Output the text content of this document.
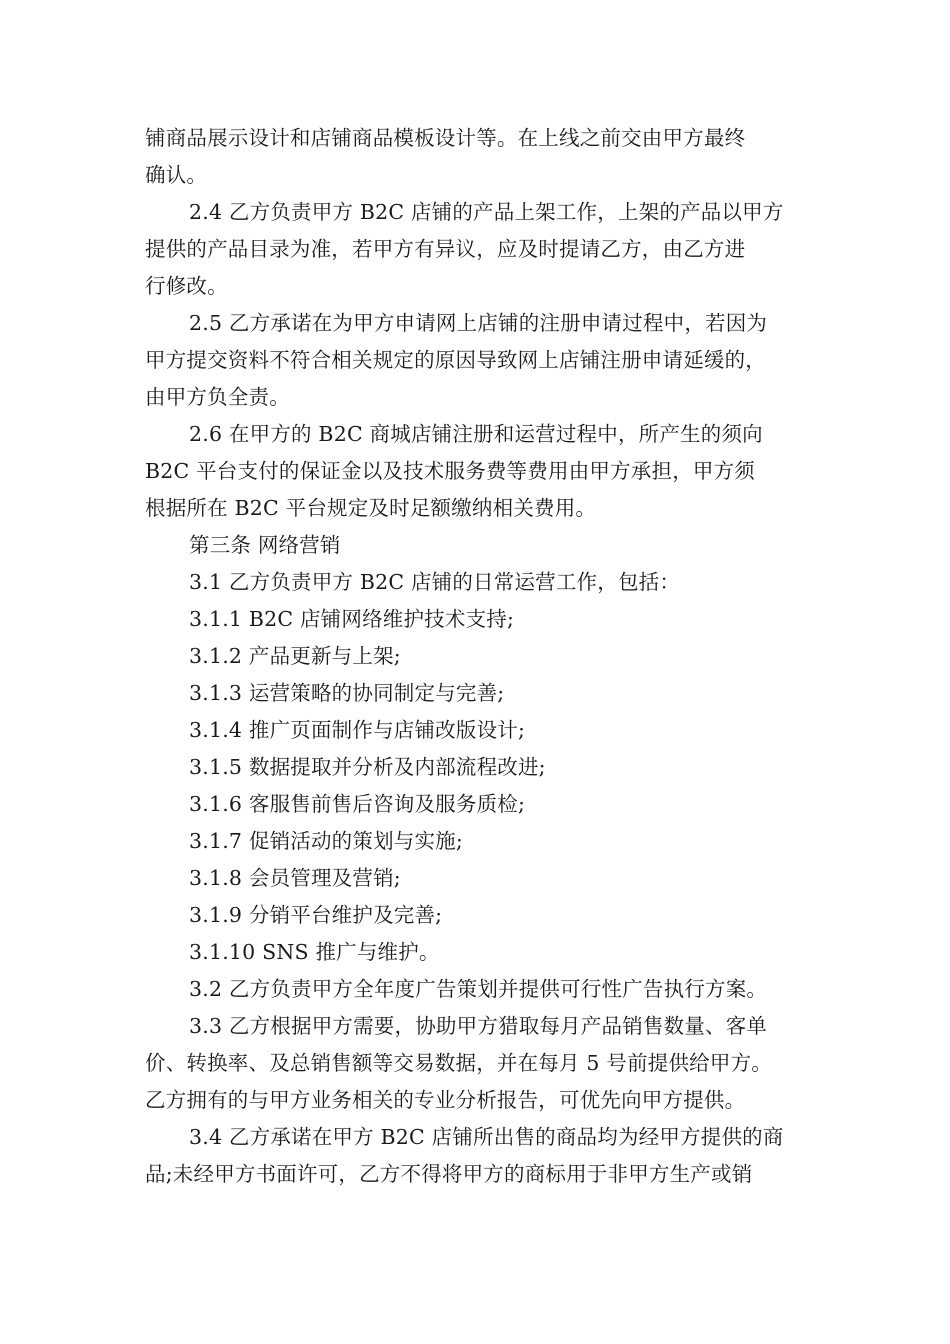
铺商品展示设计和店铺商品模板设计等。在上线之前交由甲方最终
确认。
2.4 乙方负责甲方 B2C 店铺的产品上架工作，上架的产品以甲方
提供的产品目录为准，若甲方有异议，应及时提请乙方，由乙方进
行修改。
2.5 乙方承诺在为甲方申请网上店铺的注册申请过程中，若因为
甲方提交资料不符合相关规定的原因导致网上店铺注册申请延缓的，
由甲方负全责。
2.6 在甲方的 B2C 商城店铺注册和运营过程中，所产生的须向
B2C 平台支付的保证金以及技术服务费等费用由甲方承担，甲方须
根据所在 B2C 平台规定及时足额缴纳相关费用。
第三条 网络营销
3.1 乙方负责甲方 B2C 店铺的日常运营工作，包括：
3.1.1 B2C 店铺网络维护技术支持;
3.1.2 产品更新与上架;
3.1.3 运营策略的协同制定与完善;
3.1.4 推广页面制作与店铺改版设计;
3.1.5 数据提取并分析及内部流程改进;
3.1.6 客服售前售后咨询及服务质检;
3.1.7 促销活动的策划与实施;
3.1.8 会员管理及营销;
3.1.9 分销平台维护及完善;
3.1.10 SNS 推广与维护。
3.2 乙方负责甲方全年度广告策划并提供可行性广告执行方案。
3.3 乙方根据甲方需要，协助甲方猎取每月产品销售数量、客单
价、转换率、及总销售额等交易数据，并在每月 5 号前提供给甲方。
乙方拥有的与甲方业务相关的专业分析报告，可优先向甲方提供。
3.4 乙方承诺在甲方 B2C 店铺所出售的商品均为经甲方提供的商
品;未经甲方书面许可，乙方不得将甲方的商标用于非甲方生产或销
